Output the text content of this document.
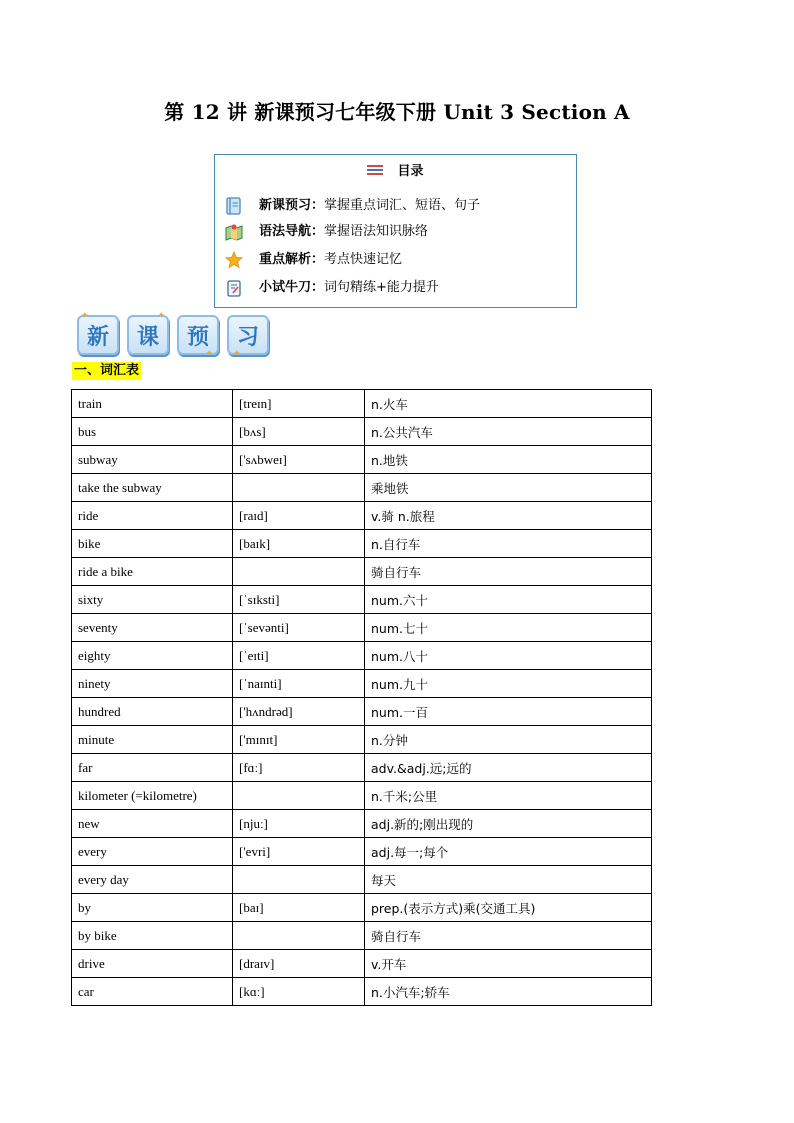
第 12 讲 新课预习七年级下册 Unit 3 Section A
目录
新课预习： 掌握重点词汇、短语、句子
语法导航： 掌握语法知识脉络
重点解析： 考点快速记忆
小试牛刀： 词句精练+能力提升
✦
新
✦
课 预
✦
习
✦
一、词汇表
train	[treɪn]	n.火车
bus	[bʌs]	n.公共汽车
subway	['sʌbweɪ]	n.地铁
take the subway		乘地铁
ride	[raɪd]	v.骑 n.旅程
bike	[baɪk]	n.自行车
ride a bike		骑自行车
sixty	[ˈsɪksti]	num.六十
seventy	[ˈsevənti]	num.七十
eighty	[ˈeɪti]	num.八十
ninety	[ˈnaɪnti]	num.九十
hundred	['hʌndrəd]	num.一百
minute	['mɪnɪt]	n.分钟
far	[fɑː]	adv.&adj.远;远的
kilometer (=kilometre)		n.千米;公里
new	[njuː]	adj.新的;刚出现的
every	['evri]	adj.每一;每个
every day		每天
by	[baɪ]	prep.(表示方式)乘(交通工具)
by bike		骑自行车
drive	[draɪv]	v.开车
car	[kɑː]	n.小汽车;轿车
